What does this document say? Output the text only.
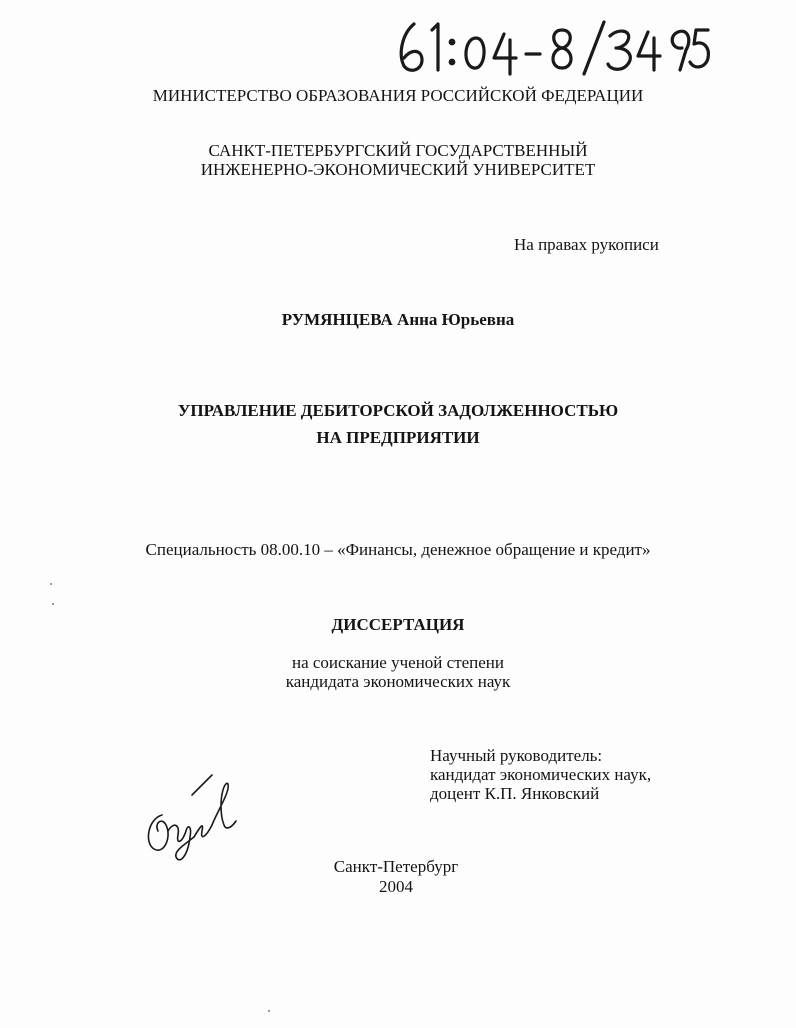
МИНИСТЕРСТВО ОБРАЗОВАНИЯ РОССИЙСКОЙ ФЕДЕРАЦИИ
САНКТ-ПЕТЕРБУРГСКИЙ ГОСУДАРСТВЕННЫЙ
ИНЖЕНЕРНО-ЭКОНОМИЧЕСКИЙ УНИВЕРСИТЕТ
На правах рукописи
РУМЯНЦЕВА Анна Юрьевна
УПРАВЛЕНИЕ ДЕБИТОРСКОЙ ЗАДОЛЖЕННОСТЬЮ
НА ПРЕДПРИЯТИИ
Специальность 08.00.10 – «Финансы, денежное обращение и кредит»
ДИССЕРТАЦИЯ
на соискание ученой степени
кандидата экономических наук
Научный руководитель:
кандидат экономических наук,
доцент К.П. Янковский
Санкт-Петербург
2004
